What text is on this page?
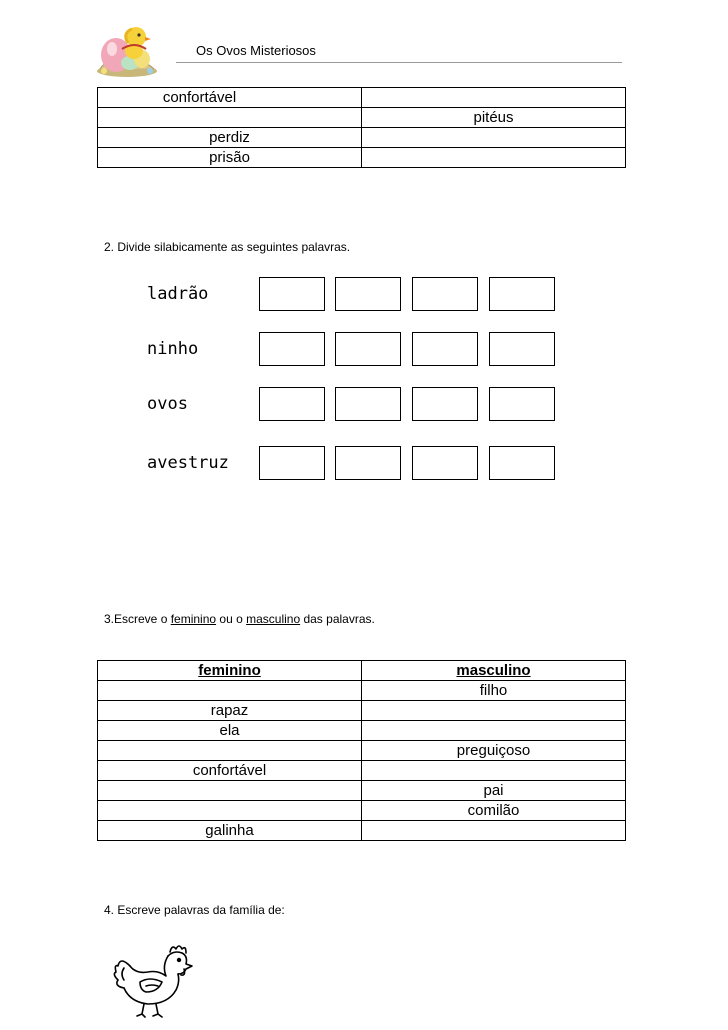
Os Ovos Misteriosos
confortável	
	pitéus
perdiz	
prisão	
2. Divide silabicamente as seguintes palavras.
ladrão
ninho
ovos
avestruz
3.Escreve o feminino ou o masculino das palavras.
feminino	masculino
	filho
rapaz	
ela	
	preguiçoso
confortável	
	pai
	comilão
galinha	
4. Escreve palavras da família de:
